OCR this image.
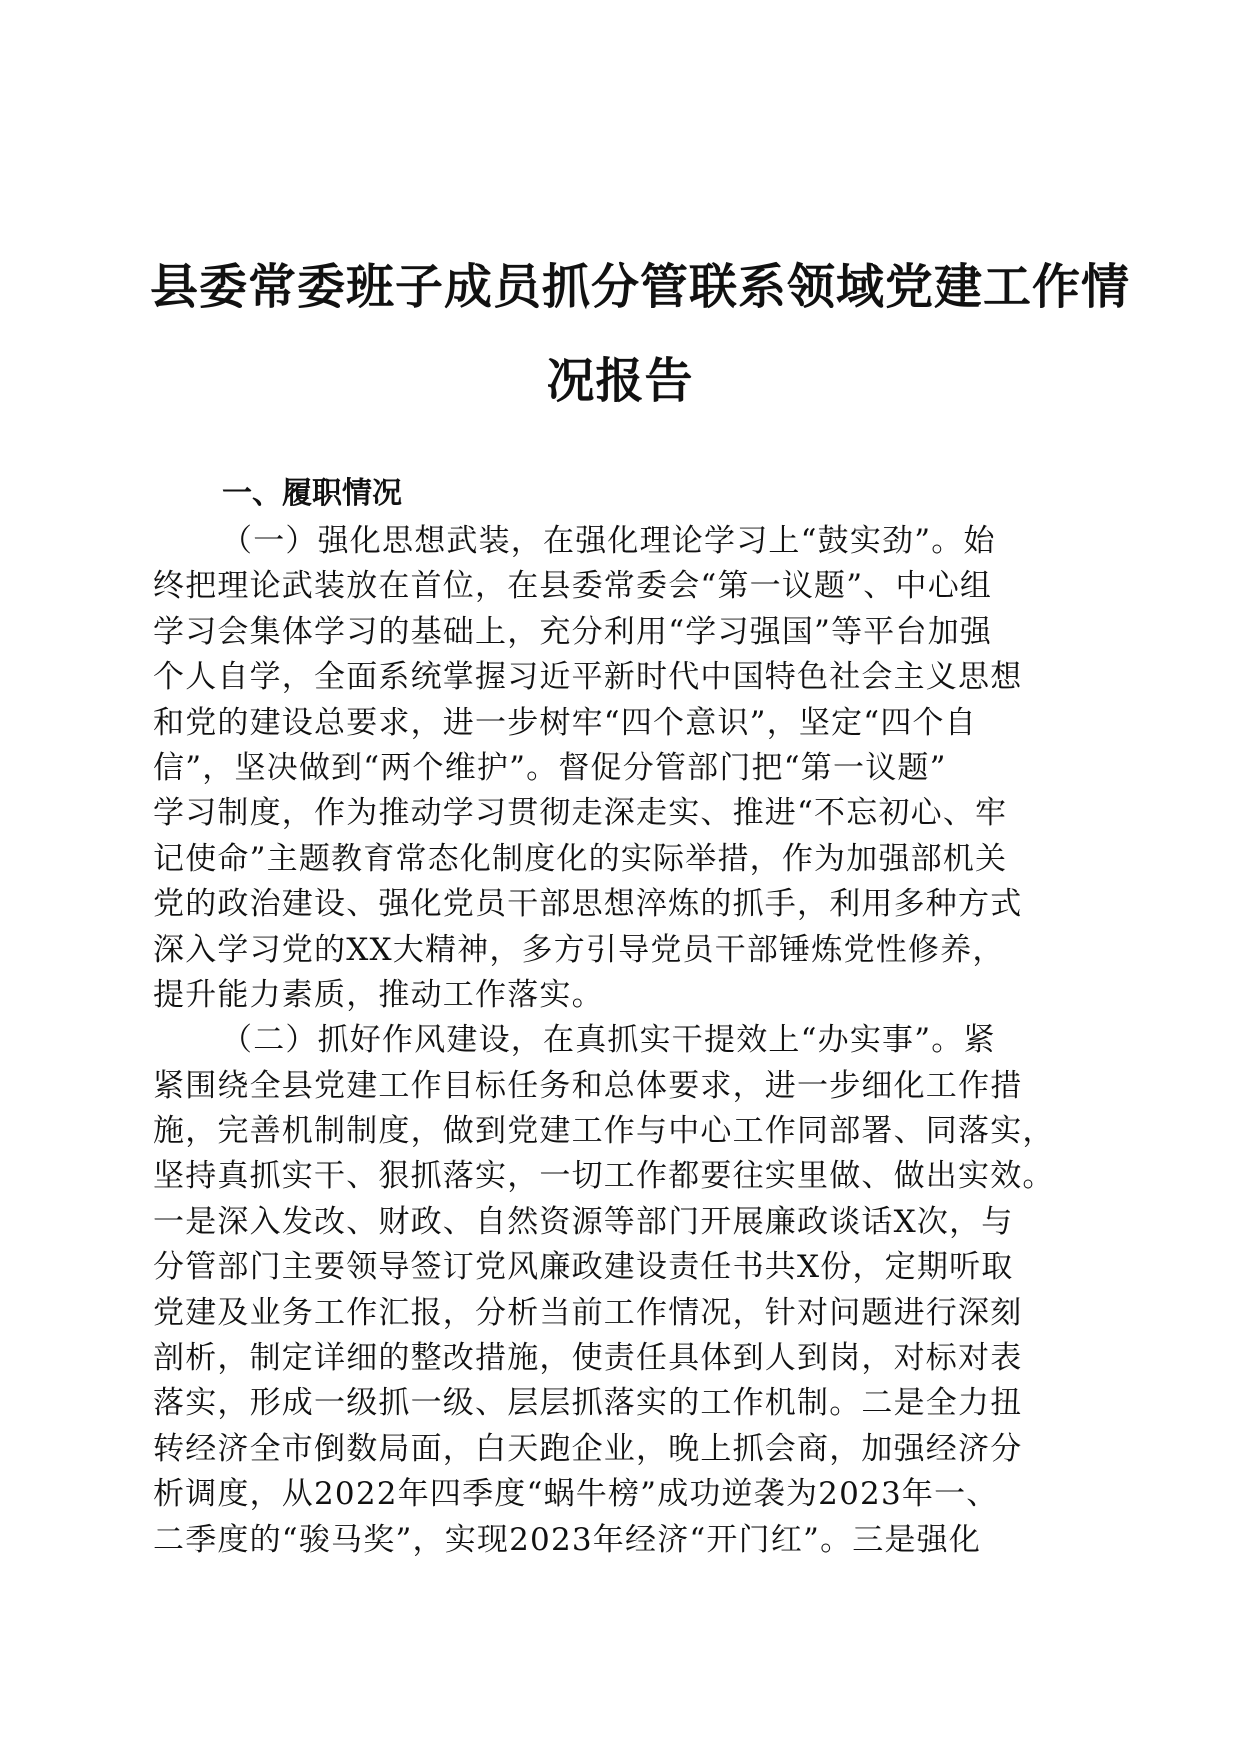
县委常委班子成员抓分管联系领域党建工作情
况报告
一、履职情况
（一）强化思想武装，在强化理论学习上“鼓实劲”。始
终把理论武装放在首位，在县委常委会“第一议题”、中心组
学习会集体学习的基础上，充分利用“学习强国”等平台加强
个人自学，全面系统掌握习近平新时代中国特色社会主义思想
和党的建设总要求，进一步树牢“四个意识”，坚定“四个自
信”，坚决做到“两个维护”。督促分管部门把“第一议题”
学习制度，作为推动学习贯彻走深走实、推进“不忘初心、牢
记使命”主题教育常态化制度化的实际举措，作为加强部机关
党的政治建设、强化党员干部思想淬炼的抓手，利用多种方式
深入学习党的XX大精神，多方引导党员干部锤炼党性修养，
提升能力素质，推动工作落实。
（二）抓好作风建设，在真抓实干提效上“办实事”。紧
紧围绕全县党建工作目标任务和总体要求，进一步细化工作措
施，完善机制制度，做到党建工作与中心工作同部署、同落实，
坚持真抓实干、狠抓落实，一切工作都要往实里做、做出实效。
一是深入发改、财政、自然资源等部门开展廉政谈话X次，与
分管部门主要领导签订党风廉政建设责任书共X份，定期听取
党建及业务工作汇报，分析当前工作情况，针对问题进行深刻
剖析，制定详细的整改措施，使责任具体到人到岗，对标对表
落实，形成一级抓一级、层层抓落实的工作机制。二是全力扭
转经济全市倒数局面，白天跑企业，晚上抓会商，加强经济分
析调度，从2022年四季度“蜗牛榜”成功逆袭为2023年一、
二季度的“骏马奖”，实现2023年经济“开门红”。三是强化
